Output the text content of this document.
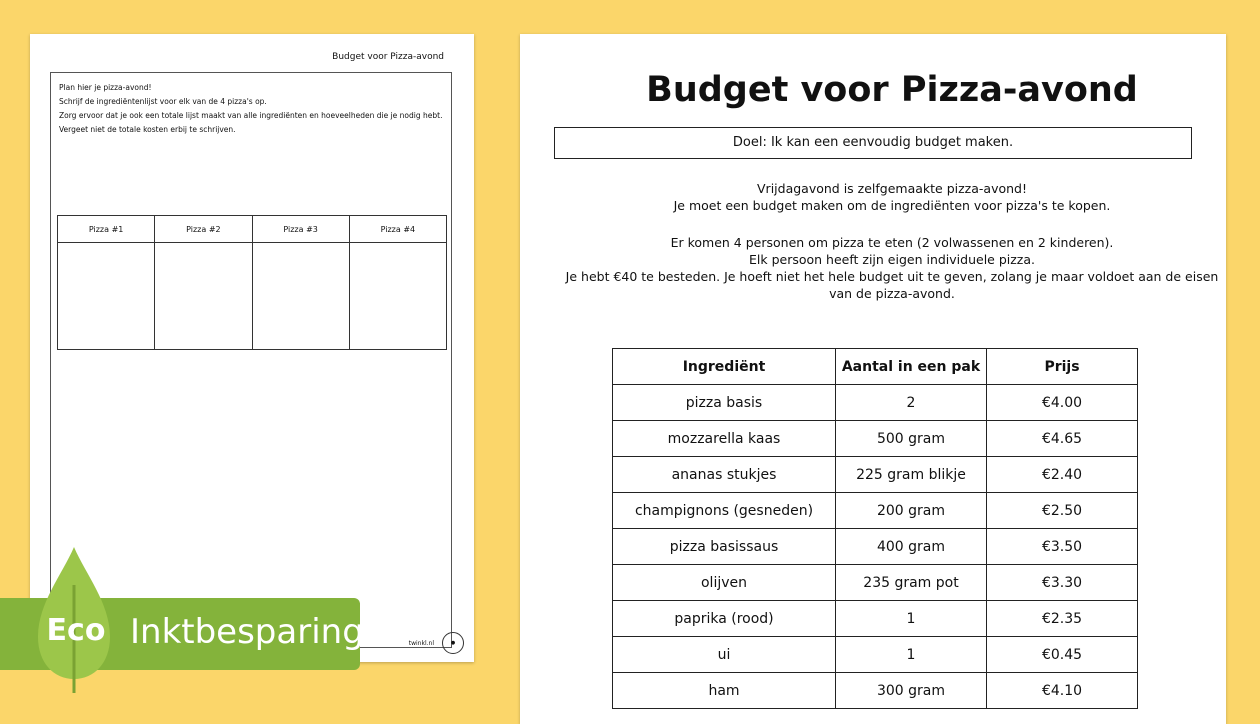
Budget voor Pizza-avond
Plan hier je pizza-avond!
Schrijf de ingrediëntenlijst voor elk van de 4 pizza's op.
Zorg ervoor dat je ook een totale lijst maakt van alle ingrediënten en hoeveelheden die je nodig hebt. Vergeet niet de totale kosten erbij te schrijven.
Pizza #1	Pizza #2	Pizza #3	Pizza #4

twinkl.nl	●
Eco Inktbesparing
Budget voor Pizza-avond
Doel: Ik kan een eenvoudig budget maken.

Vrijdagavond is zelfgemaakte pizza-avond!

Je moet een budget maken om de ingrediënten voor pizza's te kopen.

Er komen 4 personen om pizza te eten (2 volwassenen en 2 kinderen).

Elk persoon heeft zijn eigen individuele pizza.

Je hebt €40 te besteden. Je hoeft niet het hele budget uit te geven, zolang je maar voldoet aan de eisen van de pizza-avond.

Ingrediënt	Aantal in een pak	Prijs
pizza basis	2	€4.00
mozzarella kaas	500 gram	€4.65
ananas stukjes	225 gram blikje	€2.40
champignons (gesneden)	200 gram	€2.50
pizza basissaus	400 gram	€3.50
olijven	235 gram pot	€3.30
paprika (rood)	1	€2.35
ui	1	€0.45
ham	300 gram	€4.10
